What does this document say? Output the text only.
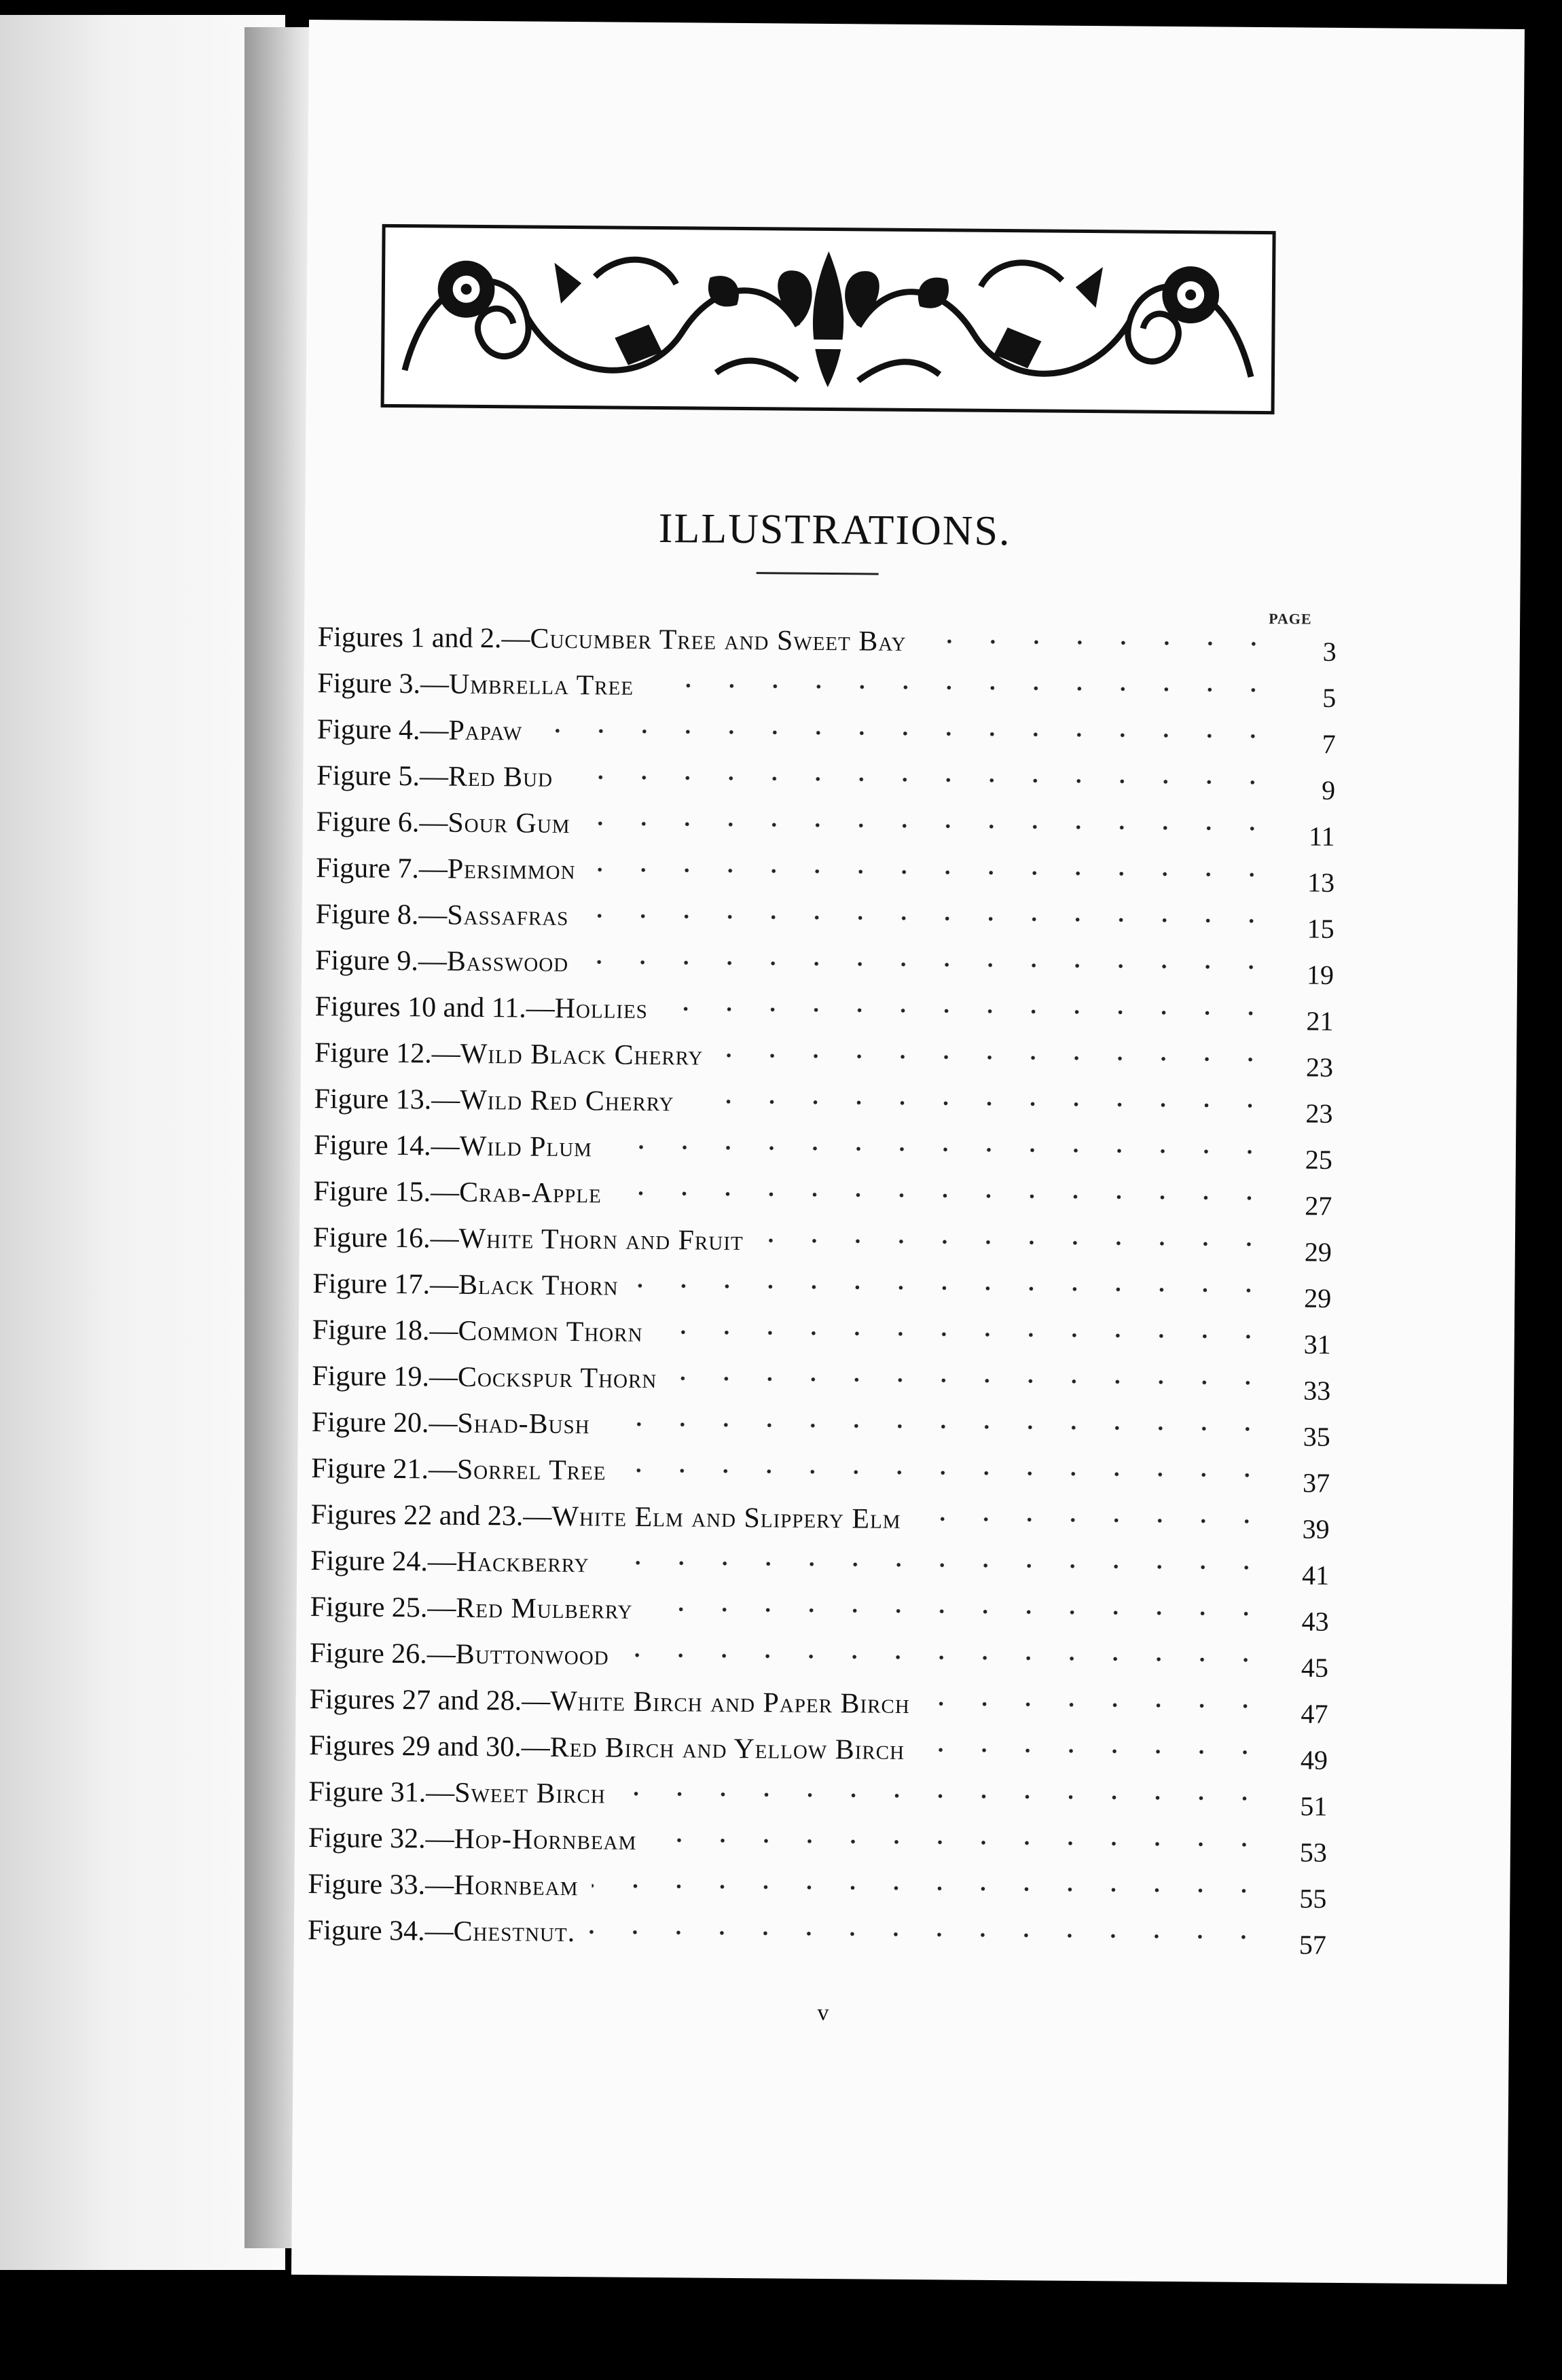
ILLUSTRATIONS.
PAGE
Figures 1 and 2.—Cucumber Tree and Sweet Bay	3
Figure 3.—Umbrella Tree	5
Figure 4.—Papaw	7
Figure 5.—Red Bud	9
Figure 6.—Sour Gum	11
Figure 7.—Persimmon	13
Figure 8.—Sassafras	15
Figure 9.—Basswood	19
Figures 10 and 11.—Hollies	21
Figure 12.—Wild Black Cherry	23
Figure 13.—Wild Red Cherry	23
Figure 14.—Wild Plum	25
Figure 15.—Crab-Apple	27
Figure 16.—White Thorn and Fruit	29
Figure 17.—Black Thorn	29
Figure 18.—Common Thorn	31
Figure 19.—Cockspur Thorn	33
Figure 20.—Shad-Bush	35
Figure 21.—Sorrel Tree	37
Figures 22 and 23.—White Elm and Slippery Elm	39
Figure 24.—Hackberry	41
Figure 25.—Red Mulberry	43
Figure 26.—Buttonwood	45
Figures 27 and 28.—White Birch and Paper Birch	47
Figures 29 and 30.—Red Birch and Yellow Birch	49
Figure 31.—Sweet Birch	51
Figure 32.—Hop-Hornbeam	53
Figure 33.—Hornbeam	55
Figure 34.—Chestnut.	57
v
